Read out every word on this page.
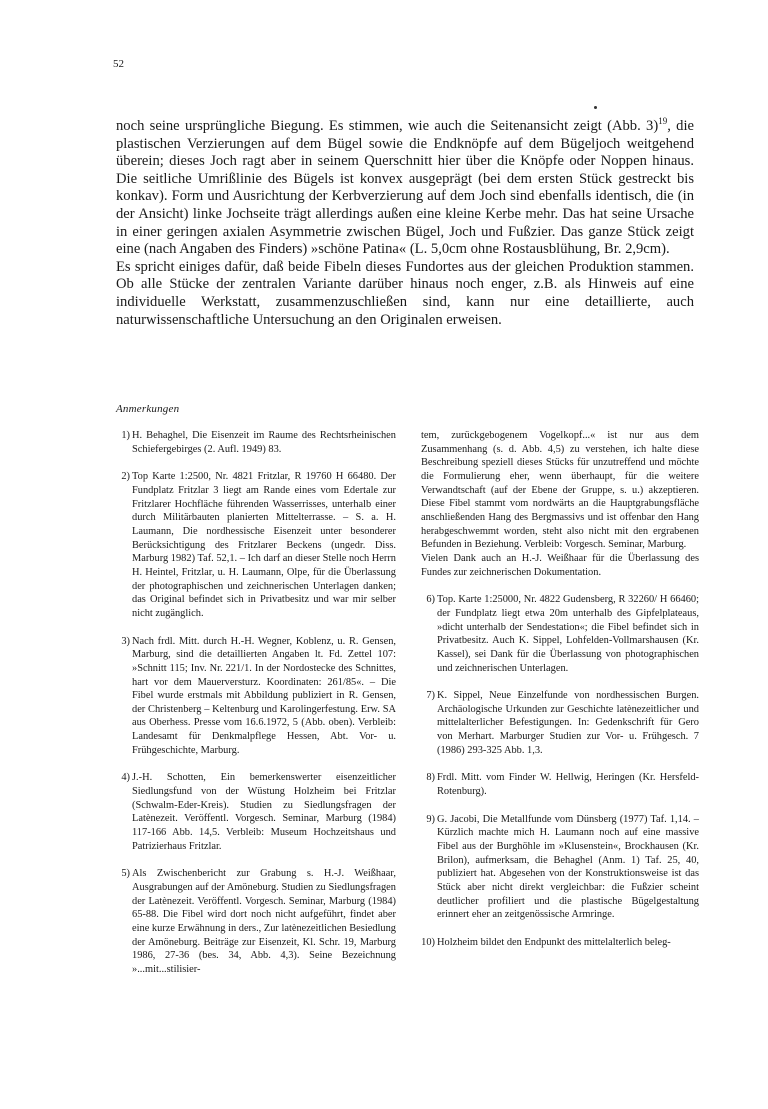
52

noch seine ursprüngliche Biegung. Es stimmen, wie auch die Seitenansicht zeigt (Abb. 3)$^{19}$, die plastischen Verzierungen auf dem Bügel sowie die Endknöpfe auf dem Bügeljoch weitgehend überein; dieses Joch ragt aber in seinem Querschnitt hier über die Knöpfe oder Noppen hinaus. Die seitliche Umrißlinie des Bügels ist konvex ausgeprägt (bei dem ersten Stück gestreckt bis konkav). Form und Ausrichtung der Kerbverzierung auf dem Joch sind ebenfalls identisch, die (in der Ansicht) linke Jochseite trägt allerdings außen eine kleine Kerbe mehr. Das hat seine Ursache in einer geringen axialen Asymmetrie zwischen Bügel, Joch und Fußzier. Das ganze Stück zeigt eine (nach Angaben des Finders) »schöne Patina« (L. 5,0cm ohne Rostausblühung, Br. 2,9cm).

Es spricht einiges dafür, daß beide Fibeln dieses Fundortes aus der gleichen Produktion stammen. Ob alle Stücke der zentralen Variante darüber hinaus noch enger, z.B. als Hinweis auf eine individuelle Werkstatt, zusammenzuschließen sind, kann nur eine detaillierte, auch naturwissenschaftliche Untersuchung an den Originalen erweisen.

Anmerkungen
1) H. Behaghel, Die Eisenzeit im Raume des Rechtsrheinischen Schiefergebirges (2. Aufl. 1949) 83.

2) Top Karte 1:2500, Nr. 4821 Fritzlar, R 19760 H 66480. Der Fundplatz Fritzlar 3 liegt am Rande eines vom Edertale zur Fritzlarer Hochfläche führenden Wasserrisses, unterhalb einer durch Militärbauten planierten Mittelterrasse. – S. a. H. Laumann, Die nordhessische Eisenzeit unter besonderer Berücksichtigung des Fritzlarer Beckens (ungedr. Diss. Marburg 1982) Taf. 52,1. – Ich darf an dieser Stelle noch Herrn H. Heintel, Fritzlar, u. H. Laumann, Olpe, für die Überlassung der photographischen und zeichnerischen Unterlagen danken; das Original befindet sich in Privatbesitz und war mir selber nicht zugänglich.

3) Nach frdl. Mitt. durch H.-H. Wegner, Koblenz, u. R. Gensen, Marburg, sind die detaillierten Angaben lt. Fd. Zettel 107: »Schnitt 115; Inv. Nr. 221/1. In der Nordostecke des Schnittes, hart vor dem Mauerversturz. Koordinaten: 261/85«. – Die Fibel wurde erstmals mit Abbildung publiziert in R. Gensen, der Christenberg – Keltenburg und Karolingerfestung. Erw. SA aus Oberhess. Presse vom 16.6.1972, 5 (Abb. oben). Verbleib: Landesamt für Denkmalpflege Hessen, Abt. Vor- u. Frühgeschichte, Marburg.

4) J.-H. Schotten, Ein bemerkenswerter eisenzeitlicher Siedlungsfund von der Wüstung Holzheim bei Fritzlar (Schwalm-Eder-Kreis). Studien zu Siedlungsfragen der Latènezeit. Veröffentl. Vorgesch. Seminar, Marburg (1984) 117-166 Abb. 14,5. Verbleib: Museum Hochzeitshaus und Patrizierhaus Fritzlar.

5) Als Zwischenbericht zur Grabung s. H.-J. Weißhaar, Ausgrabungen auf der Amöneburg. Studien zu Siedlungsfragen der Latènezeit. Veröffentl. Vorgesch. Seminar, Marburg (1984) 65-88. Die Fibel wird dort noch nicht aufgeführt, findet aber eine kurze Erwähnung in ders., Zur latènezeitlichen Besiedlung der Amöneburg. Beiträge zur Eisenzeit, Kl. Schr. 19, Marburg 1986, 27-36 (bes. 34, Abb. 4,3). Seine Bezeichnung »...mit...stilisier-

tem, zurückgebogenem Vogelkopf...« ist nur aus dem Zusammenhang (s. d. Abb. 4,5) zu verstehen, ich halte diese Beschreibung speziell dieses Stücks für unzutreffend und möchte die Formulierung eher, wenn überhaupt, für die weitere Verwandtschaft (auf der Ebene der Gruppe, s. u.) akzeptieren. Diese Fibel stammt vom nordwärts an die Hauptgrabungsfläche anschließenden Hang des Bergmassivs und ist offenbar den Hang herabgeschwemmt worden, steht also nicht mit den ergrabenen Befunden in Beziehung. Verbleib: Vorgesch. Seminar, Marburg.

Vielen Dank auch an H.-J. Weißhaar für die Überlassung des Fundes zur zeichnerischen Dokumentation.

6) Top. Karte 1:25000, Nr. 4822 Gudensberg, R 32260/ H 66460; der Fundplatz liegt etwa 20m unterhalb des Gipfelplateaus, »dicht unterhalb der Sendestation«; die Fibel befindet sich in Privatbesitz. Auch K. Sippel, Lohfelden-Vollmarshausen (Kr. Kassel), sei Dank für die Überlassung von photographischen und zeichnerischen Unterlagen.

7) K. Sippel, Neue Einzelfunde von nordhessischen Burgen. Archäologische Urkunden zur Geschichte latènezeitlicher und mittelalterlicher Befestigungen. In: Gedenkschrift für Gero von Merhart. Marburger Studien zur Vor- u. Frühgesch. 7 (1986) 293-325 Abb. 1,3.

8) Frdl. Mitt. vom Finder W. Hellwig, Heringen (Kr. Hersfeld-Rotenburg).

9) G. Jacobi, Die Metallfunde vom Dünsberg (1977) Taf. 1,14. – Kürzlich machte mich H. Laumann noch auf eine massive Fibel aus der Burghöhle im »Klusenstein«, Brockhausen (Kr. Brilon), aufmerksam, die Behaghel (Anm. 1) Taf. 25, 40, publiziert hat. Abgesehen von der Konstruktionsweise ist das Stück aber nicht direkt vergleichbar: die Fußzier scheint deutlicher profiliert und die plastische Bügelgestaltung erinnert eher an zeitgenössische Armringe.

10) Holzheim bildet den Endpunkt des mittelalterlich beleg-
